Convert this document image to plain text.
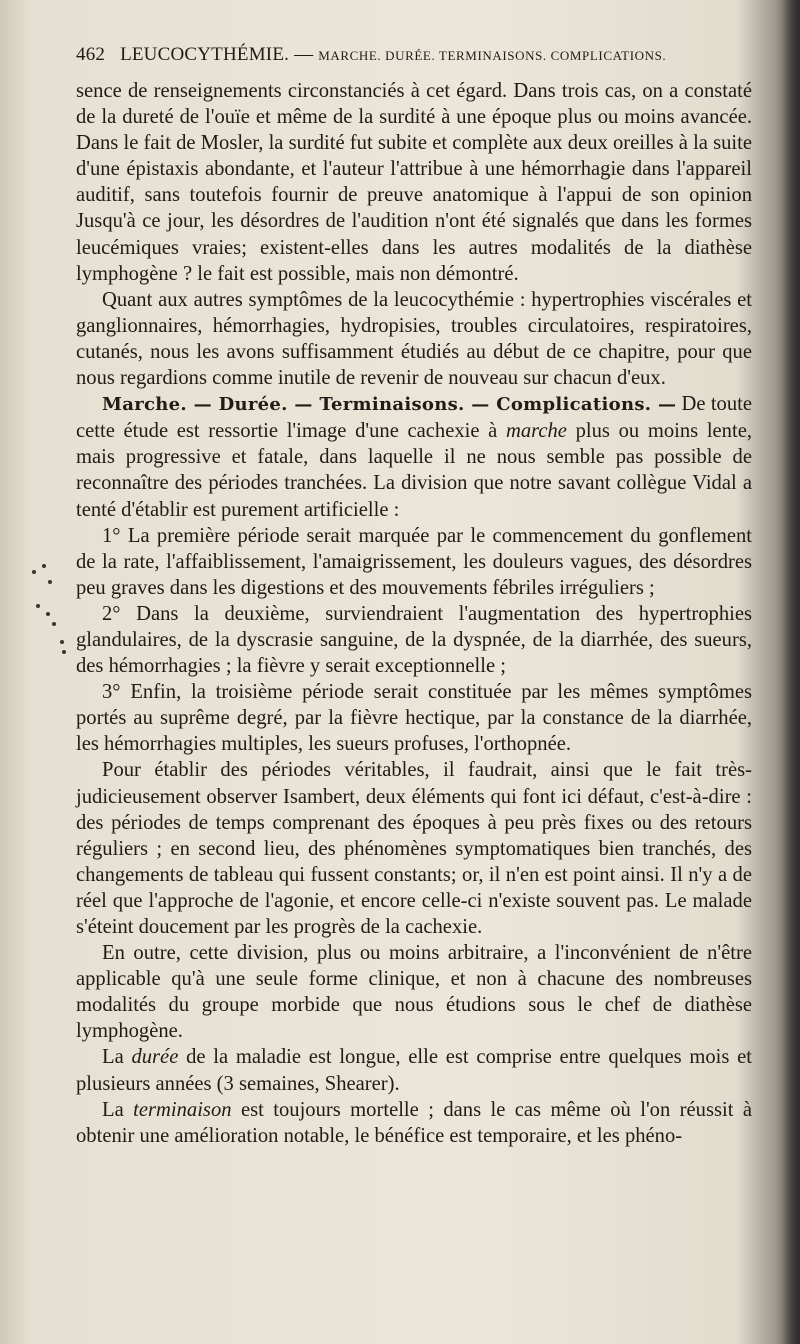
462 LEUCOCYTHÉMIE. — MARCHE. DURÉE. TERMINAISONS. COMPLICATIONS.

sence de renseignements circonstanciés à cet égard. Dans trois cas, on a constaté de la dureté de l'ouïe et même de la surdité à une époque plus ou moins avancée. Dans le fait de Mosler, la surdité fut subite et complète aux deux oreilles à la suite d'une épistaxis abondante, et l'auteur l'attribue à une hémorrhagie dans l'appareil auditif, sans toutefois fournir de preuve anatomique à l'appui de son opinion Jusqu'à ce jour, les désordres de l'audition n'ont été signalés que dans les formes leucémiques vraies; existent-elles dans les autres modalités de la diathèse lymphogène ? le fait est possible, mais non démontré.

Quant aux autres symptômes de la leucocythémie : hypertrophies viscérales et ganglionnaires, hémorrhagies, hydropisies, troubles circulatoires, respiratoires, cutanés, nous les avons suffisamment étudiés au début de ce chapitre, pour que nous regardions comme inutile de revenir de nouveau sur chacun d'eux.

Marche. — Durée. — Terminaisons. — Complications. — De toute cette étude est ressortie l'image d'une cachexie à marche plus ou moins lente, mais progressive et fatale, dans laquelle il ne nous semble pas possible de reconnaître des périodes tranchées. La division que notre savant collègue Vidal a tenté d'établir est purement artificielle :

1° La première période serait marquée par le commencement du gonflement de la rate, l'affaiblissement, l'amaigrissement, les douleurs vagues, des désordres peu graves dans les digestions et des mouvements fébriles irréguliers ;

2° Dans la deuxième, surviendraient l'augmentation des hypertrophies glandulaires, de la dyscrasie sanguine, de la dyspnée, de la diarrhée, des sueurs, des hémorrhagies ; la fièvre y serait exceptionnelle ;

3° Enfin, la troisième période serait constituée par les mêmes symptômes portés au suprême degré, par la fièvre hectique, par la constance de la diarrhée, les hémorrhagies multiples, les sueurs profuses, l'orthopnée.

Pour établir des périodes véritables, il faudrait, ainsi que le fait très-judicieusement observer Isambert, deux éléments qui font ici défaut, c'est-à-dire : des périodes de temps comprenant des époques à peu près fixes ou des retours réguliers ; en second lieu, des phénomènes symptomatiques bien tranchés, des changements de tableau qui fussent constants; or, il n'en est point ainsi. Il n'y a de réel que l'approche de l'agonie, et encore celle-ci n'existe souvent pas. Le malade s'éteint doucement par les progrès de la cachexie.

En outre, cette division, plus ou moins arbitraire, a l'inconvénient de n'être applicable qu'à une seule forme clinique, et non à chacune des nombreuses modalités du groupe morbide que nous étudions sous le chef de diathèse lymphogène.

La durée de la maladie est longue, elle est comprise entre quelques mois et plusieurs années (3 semaines, Shearer).

La terminaison est toujours mortelle ; dans le cas même où l'on réussit à obtenir une amélioration notable, le bénéfice est temporaire, et les phéno-
